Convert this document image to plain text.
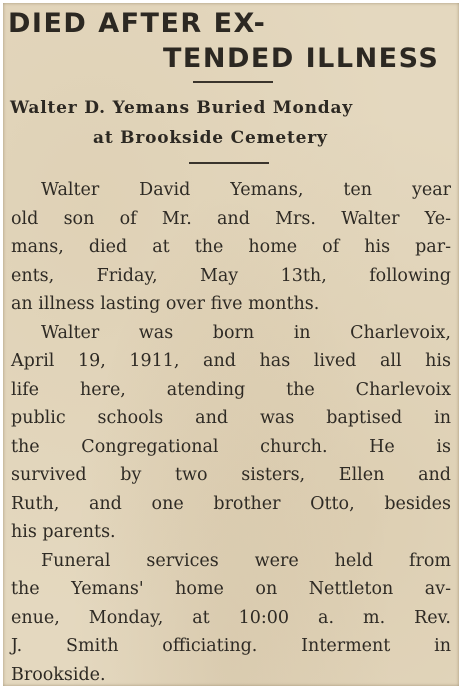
DIED AFTER EX-
TENDED ILLNESS
Walter D. Yemans Buried Monday
at Brookside Cemetery
Walter David Yemans, ten year
old son of Mr. and Mrs. Walter Ye-
mans, died at the home of his par-
ents, Friday, May 13th, following
an illness lasting over five months.
Walter was born in Charlevoix,
April 19, 1911, and has lived all his
life here, atending the Charlevoix
public schools and was baptised in
the Congregational church. He is
survived by two sisters, Ellen and
Ruth, and one brother Otto, besides
his parents.
Funeral services were held from
the Yemans' home on Nettleton av-
enue, Monday, at 10:00 a. m. Rev.
J. Smith officiating. Interment in
Brookside.
